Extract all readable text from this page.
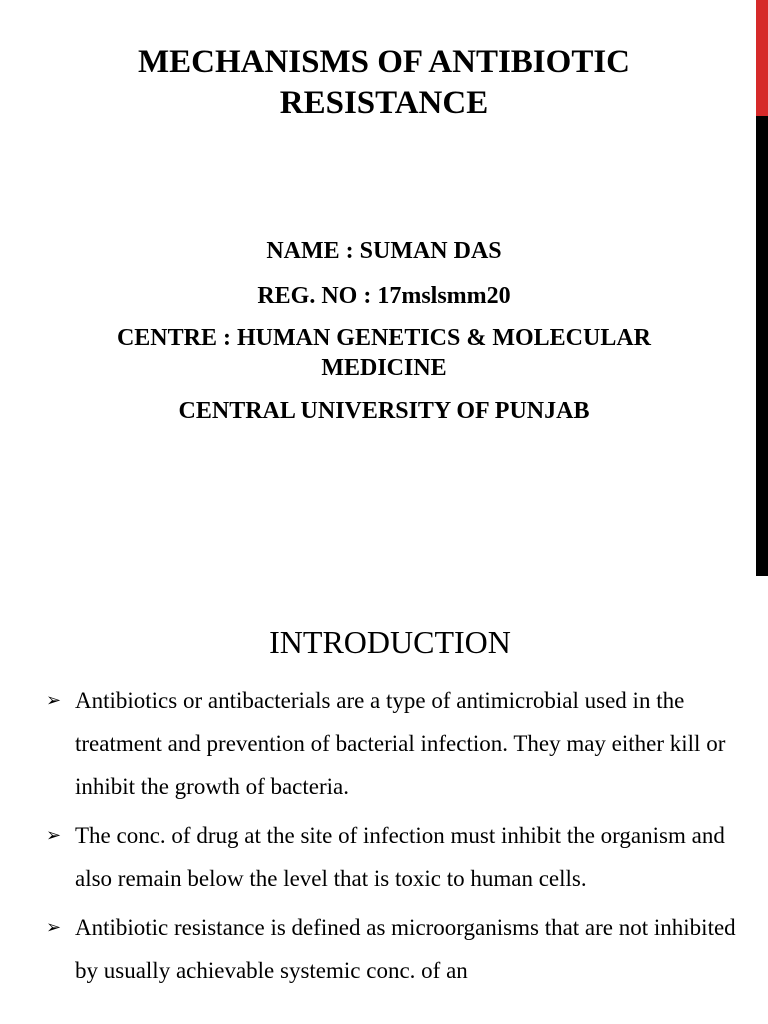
MECHANISMS OF ANTIBIOTIC RESISTANCE
NAME : SUMAN DAS
REG. NO : 17mslsmm20
CENTRE : HUMAN GENETICS & MOLECULAR MEDICINE
CENTRAL UNIVERSITY OF PUNJAB
INTRODUCTION
➢ Antibiotics or antibacterials are a type of antimicrobial used in the treatment and prevention of bacterial infection. They may either kill or inhibit the growth of bacteria.
➢ The conc. of drug at the site of infection must inhibit the organism and also remain below the level that is toxic to human cells.
➢ Antibiotic resistance is defined as microorganisms that are not inhibited by usually achievable systemic conc. of an
